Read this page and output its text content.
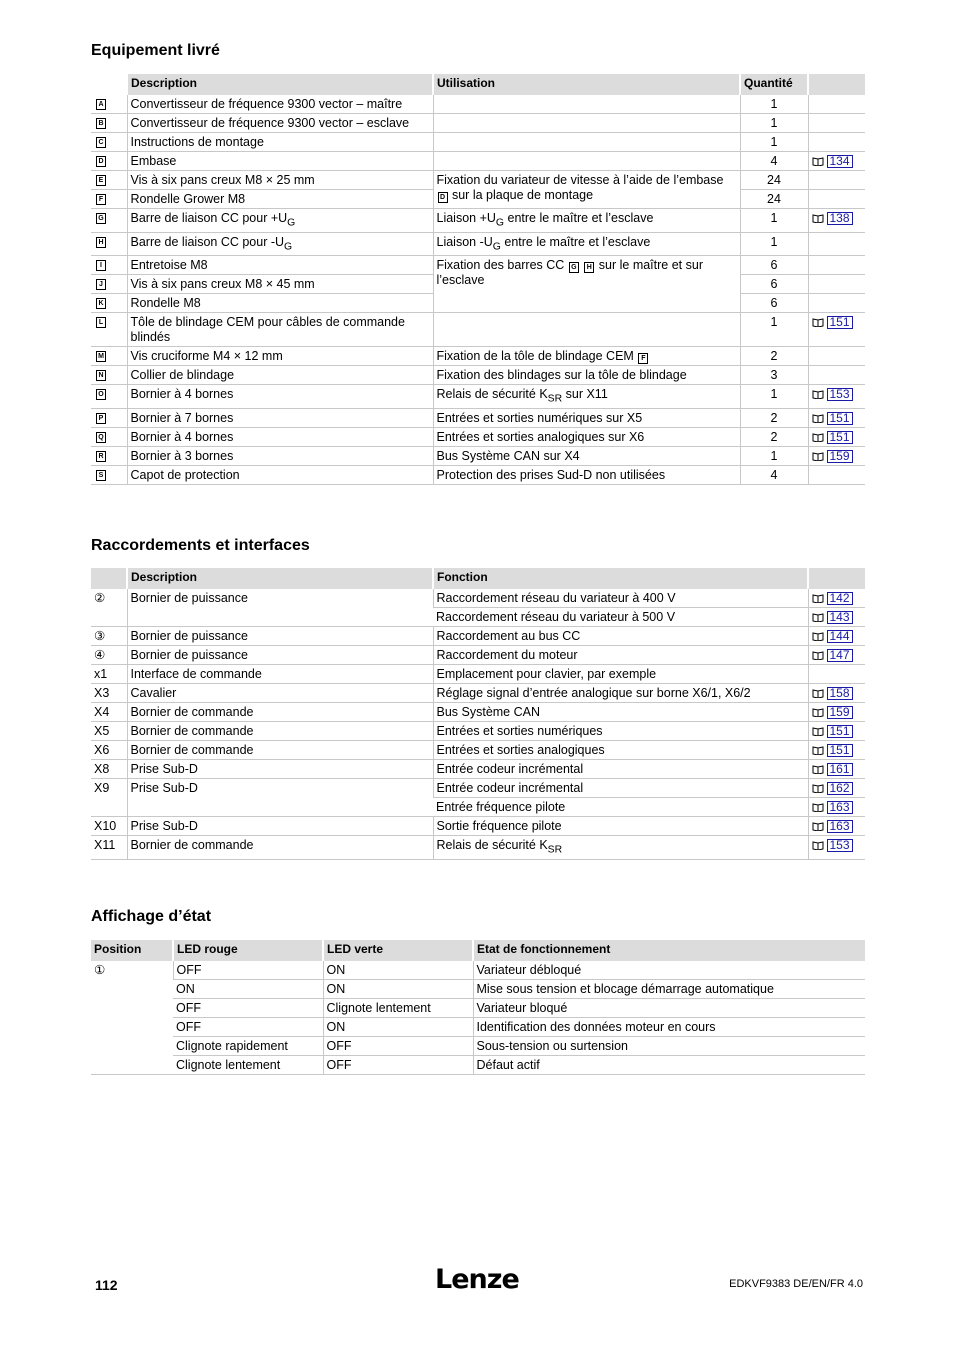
Equipement livré
	Description	Utilisation	Quantité	
A	Convertisseur de fréquence 9300 vector – maître		1	
B	Convertisseur de fréquence 9300 vector – esclave		1	
C	Instructions de montage		1	
D	Embase		4	134
E	Vis à six pans creux M8 × 25 mm	Fixation du variateur de vitesse à l’aide de l’embase D sur la plaque de montage	24	
F	Rondelle Grower M8		24	
G	Barre de liaison CC pour $+U_G$	Liaison $+U_G$ entre le maître et l’esclave	1	138
H	Barre de liaison CC pour $-U_G$	Liaison $-U_G$ entre le maître et l’esclave	1	
I	Entretoise M8	Fixation des barres CC G H sur le maître et sur l’esclave	6	
J	Vis à six pans creux M8 × 45 mm		6	
K	Rondelle M8		6	
L	Tôle de blindage CEM pour câbles de commande blindés		1	151
M	Vis cruciforme M4 × 12 mm	Fixation de la tôle de blindage CEM F	2	
N	Collier de blindage	Fixation des blindages sur la tôle de blindage	3	
O	Bornier à 4 bornes	Relais de sécurité $K_{SR}$ sur X11	1	153
P	Bornier à 7 bornes	Entrées et sorties numériques sur X5	2	151
Q	Bornier à 4 bornes	Entrées et sorties analogiques sur X6	2	151
R	Bornier à 3 bornes	Bus Système CAN sur X4	1	159
S	Capot de protection	Protection des prises Sud-D non utilisées	4	
Raccordements et interfaces
	Description	Fonction	
②	Bornier de puissance	Raccordement réseau du variateur à 400 V	142
		Raccordement réseau du variateur à 500 V	143
③	Bornier de puissance	Raccordement au bus CC	144
④	Bornier de puissance	Raccordement du moteur	147
x1	Interface de commande	Emplacement pour clavier, par exemple	
X3	Cavalier	Réglage signal d’entrée analogique sur borne X6/1, X6/2	158
X4	Bornier de commande	Bus Système CAN	159
X5	Bornier de commande	Entrées et sorties numériques	151
X6	Bornier de commande	Entrées et sorties analogiques	151
X8	Prise Sub-D	Entrée codeur incrémental	161
X9	Prise Sub-D	Entrée codeur incrémental	162
		Entrée fréquence pilote	163
X10	Prise Sub-D	Sortie fréquence pilote	163
X11	Bornier de commande	Relais de sécurité $K_{SR}$	153
Affichage d’état
Position	LED rouge	LED verte	Etat de fonctionnement
①	OFF	ON	Variateur débloqué
	ON	ON	Mise sous tension et blocage démarrage automatique
	OFF	Clignote lentement	Variateur bloqué
	OFF	ON	Identification des données moteur en cours
	Clignote rapidement	OFF	Sous-tension ou surtension
	Clignote lentement	OFF	Défaut actif
112	Lenze	EDKVF9383 DE/EN/FR 4.0
